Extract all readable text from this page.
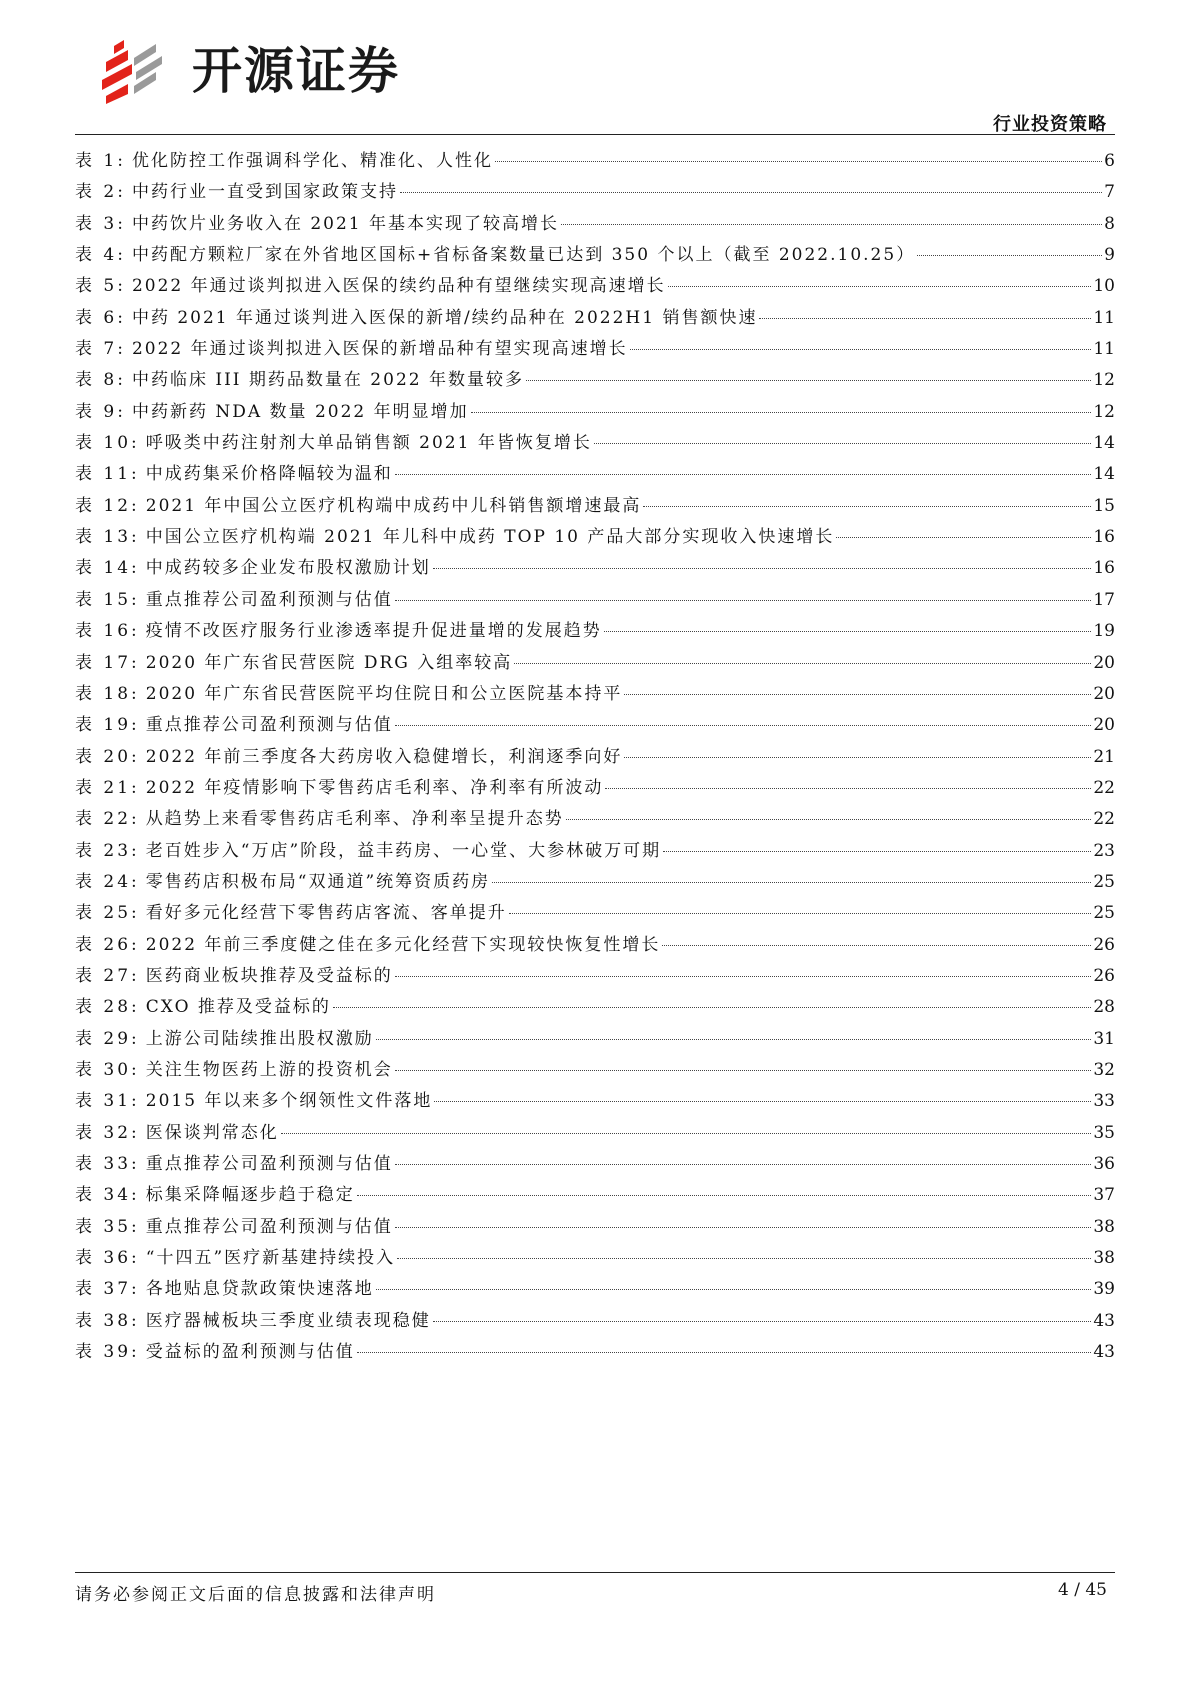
开源证券
行业投资策略
表 1: 优化防控工作强调科学化、精准化、人性化	6
表 2: 中药行业一直受到国家政策支持	7
表 3: 中药饮片业务收入在 2021 年基本实现了较高增长	8
表 4: 中药配方颗粒厂家在外省地区国标+省标备案数量已达到 350 个以上（截至 2022.10.25）	9
表 5: 2022 年通过谈判拟进入医保的续约品种有望继续实现高速增长	10
表 6: 中药 2021 年通过谈判进入医保的新增/续约品种在 2022H1 销售额快速	11
表 7: 2022 年通过谈判拟进入医保的新增品种有望实现高速增长	11
表 8: 中药临床 III 期药品数量在 2022 年数量较多	12
表 9: 中药新药 NDA 数量 2022 年明显增加	12
表 10: 呼吸类中药注射剂大单品销售额 2021 年皆恢复增长	14
表 11: 中成药集采价格降幅较为温和	14
表 12: 2021 年中国公立医疗机构端中成药中儿科销售额增速最高	15
表 13: 中国公立医疗机构端 2021 年儿科中成药 TOP 10 产品大部分实现收入快速增长	16
表 14: 中成药较多企业发布股权激励计划	16
表 15: 重点推荐公司盈利预测与估值	17
表 16: 疫情不改医疗服务行业渗透率提升促进量增的发展趋势	19
表 17: 2020 年广东省民营医院 DRG 入组率较高	20
表 18: 2020 年广东省民营医院平均住院日和公立医院基本持平	20
表 19: 重点推荐公司盈利预测与估值	20
表 20: 2022 年前三季度各大药房收入稳健增长，利润逐季向好	21
表 21: 2022 年疫情影响下零售药店毛利率、净利率有所波动	22
表 22: 从趋势上来看零售药店毛利率、净利率呈提升态势	22
表 23: 老百姓步入“万店”阶段，益丰药房、一心堂、大参林破万可期	23
表 24: 零售药店积极布局“双通道”统筹资质药房	25
表 25: 看好多元化经营下零售药店客流、客单提升	25
表 26: 2022 年前三季度健之佳在多元化经营下实现较快恢复性增长	26
表 27: 医药商业板块推荐及受益标的	26
表 28: CXO 推荐及受益标的	28
表 29: 上游公司陆续推出股权激励	31
表 30: 关注生物医药上游的投资机会	32
表 31: 2015 年以来多个纲领性文件落地	33
表 32: 医保谈判常态化	35
表 33: 重点推荐公司盈利预测与估值	36
表 34: 标集采降幅逐步趋于稳定	37
表 35: 重点推荐公司盈利预测与估值	38
表 36: “十四五”医疗新基建持续投入	38
表 37: 各地贴息贷款政策快速落地	39
表 38: 医疗器械板块三季度业绩表现稳健	43
表 39: 受益标的盈利预测与估值	43
请务必参阅正文后面的信息披露和法律声明	4 / 45
